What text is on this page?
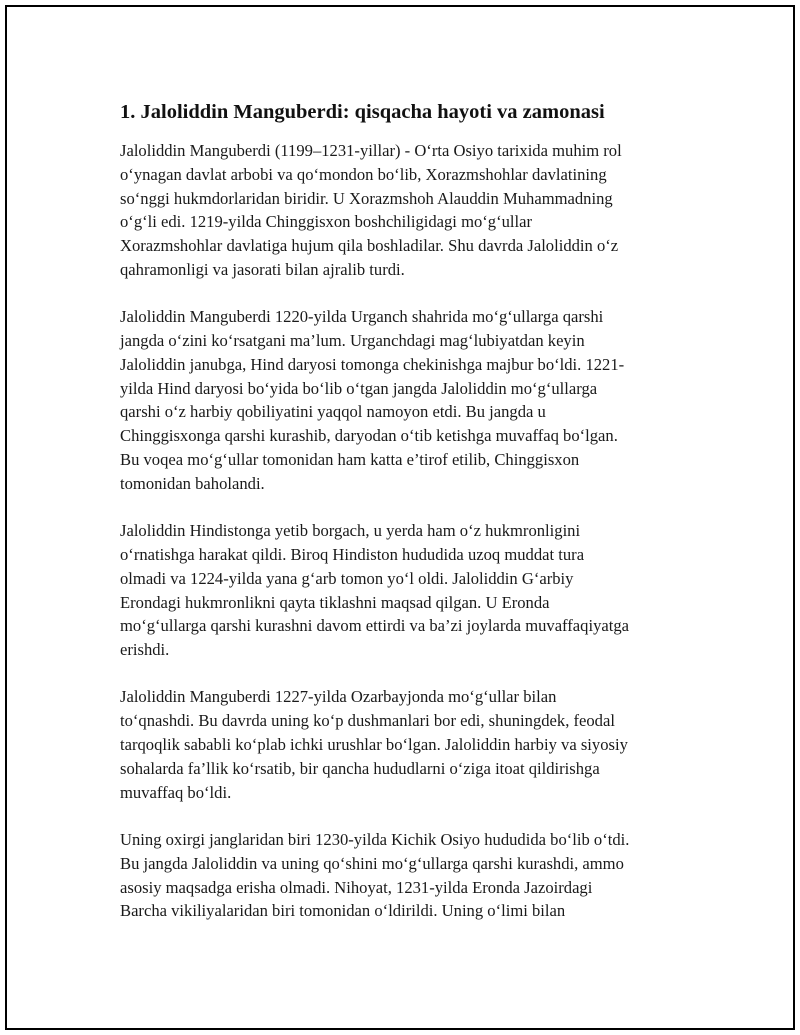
1. Jaloliddin Manguberdi: qisqacha hayoti va zamonasi

Jaloliddin Manguberdi (1199–1231-yillar) - O‘rta Osiyo tarixida muhim rol
o‘ynagan davlat arbobi va qo‘mondon bo‘lib, Xorazmshohlar davlatining
so‘nggi hukmdorlaridan biridir. U Xorazmshoh Alauddin Muhammadning
o‘g‘li edi. 1219-yilda Chinggisxon boshchiligidagi mo‘g‘ullar
Xorazmshohlar davlatiga hujum qila boshladilar. Shu davrda Jaloliddin o‘z
qahramonligi va jasorati bilan ajralib turdi.

Jaloliddin Manguberdi 1220-yilda Urganch shahrida mo‘g‘ullarga qarshi
jangda o‘zini ko‘rsatgani ma’lum. Urganchdagi mag‘lubiyatdan keyin
Jaloliddin janubga, Hind daryosi tomonga chekinishga majbur bo‘ldi. 1221-
yilda Hind daryosi bo‘yida bo‘lib o‘tgan jangda Jaloliddin mo‘g‘ullarga
qarshi o‘z harbiy qobiliyatini yaqqol namoyon etdi. Bu jangda u
Chinggisxonga qarshi kurashib, daryodan o‘tib ketishga muvaffaq bo‘lgan.
Bu voqea mo‘g‘ullar tomonidan ham katta e’tirof etilib, Chinggisxon
tomonidan baholandi.

Jaloliddin Hindistonga yetib borgach, u yerda ham o‘z hukmronligini
o‘rnatishga harakat qildi. Biroq Hindiston hududida uzoq muddat tura
olmadi va 1224-yilda yana g‘arb tomon yo‘l oldi. Jaloliddin G‘arbiy
Erondagi hukmronlikni qayta tiklashni maqsad qilgan. U Eronda
mo‘g‘ullarga qarshi kurashni davom ettirdi va ba’zi joylarda muvaffaqiyatga
erishdi.

Jaloliddin Manguberdi 1227-yilda Ozarbayjonda mo‘g‘ullar bilan
to‘qnashdi. Bu davrda uning ko‘p dushmanlari bor edi, shuningdek, feodal
tarqoqlik sababli ko‘plab ichki urushlar bo‘lgan. Jaloliddin harbiy va siyosiy
sohalarda fa’llik ko‘rsatib, bir qancha hududlarni o‘ziga itoat qildirishga
muvaffaq bo‘ldi.

Uning oxirgi janglaridan biri 1230-yilda Kichik Osiyo hududida bo‘lib o‘tdi.
Bu jangda Jaloliddin va uning qo‘shini mo‘g‘ullarga qarshi kurashdi, ammo
asosiy maqsadga erisha olmadi. Nihoyat, 1231-yilda Eronda Jazoirdagi
Barcha vikiliyalaridan biri tomonidan o‘ldirildi. Uning o‘limi bilan
